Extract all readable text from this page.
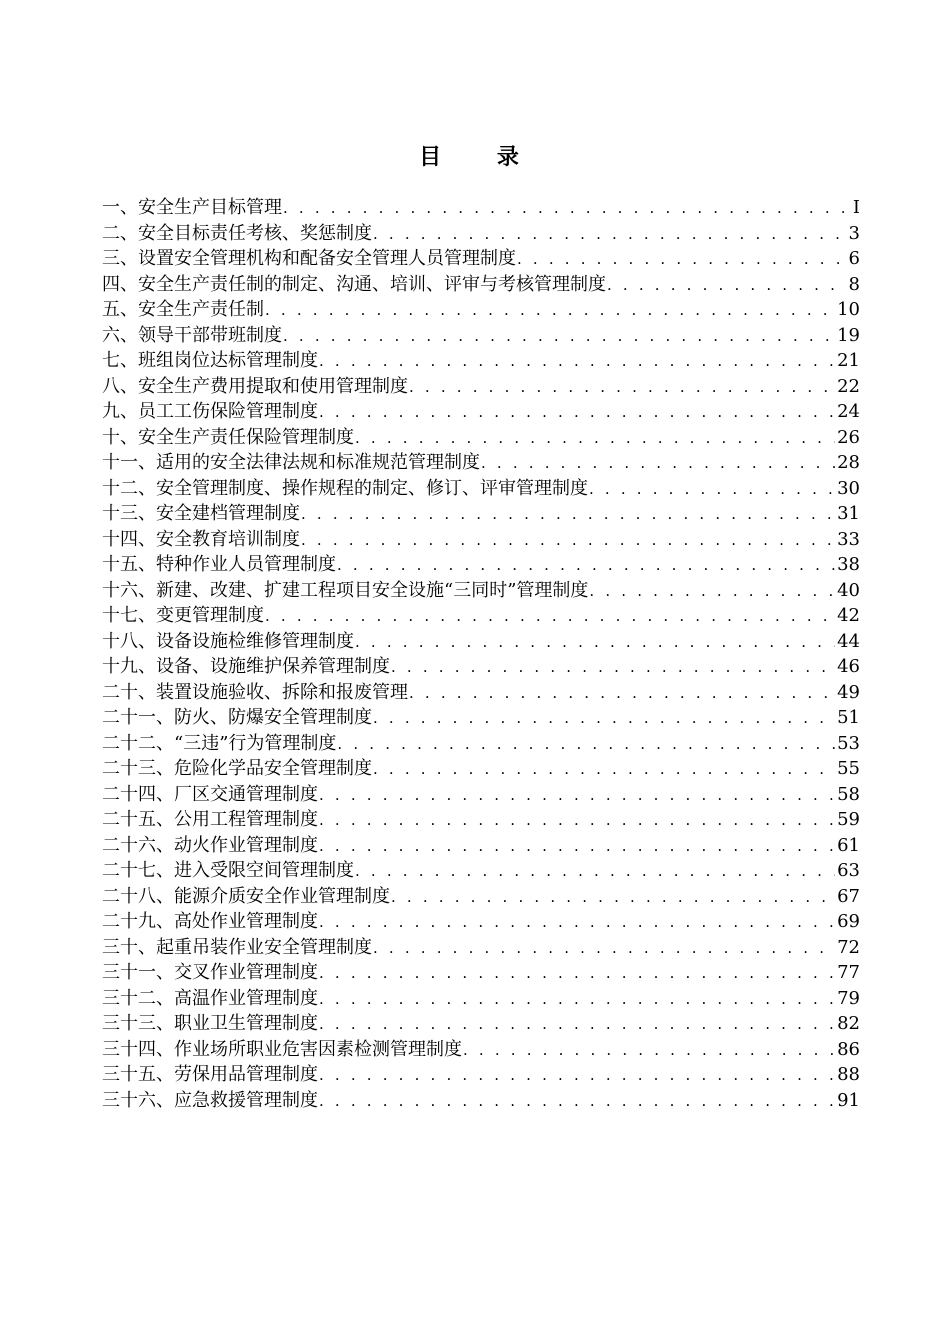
目 录
一、安全生产目标管理 . . .	I
二、安全目标责任考核、奖惩制度 . . .	3
三、设置安全管理机构和配备安全管理人员管理制度 . . .	6
四、安全生产责任制的制定、沟通、培训、评审与考核管理制度 . . .	8
五、安全生产责任制 . . .	10
六、领导干部带班制度 . . .	19
七、班组岗位达标管理制度 . . .	21
八、安全生产费用提取和使用管理制度 . . .	22
九、员工工伤保险管理制度 . . .	24
十、安全生产责任保险管理制度 . . .	26
十一、适用的安全法律法规和标准规范管理制度 . . .	28
十二、安全管理制度、操作规程的制定、修订、评审管理制度 . . .	30
十三、安全建档管理制度 . . .	31
十四、安全教育培训制度 . . .	33
十五、特种作业人员管理制度 . . .	38
十六、新建、改建、扩建工程项目安全设施“三同时”管理制度 . . .	40
十七、变更管理制度 . . .	42
十八、设备设施检维修管理制度 . . .	44
十九、设备、设施维护保养管理制度 . . .	46
二十、装置设施验收、拆除和报废管理 . . .	49
二十一、防火、防爆安全管理制度 . . .	51
二十二、“三违”行为管理制度 . . .	53
二十三、危险化学品安全管理制度 . . .	55
二十四、厂区交通管理制度 . . .	58
二十五、公用工程管理制度 . . .	59
二十六、动火作业管理制度 . . .	61
二十七、进入受限空间管理制度 . . .	63
二十八、能源介质安全作业管理制度 . . .	67
二十九、高处作业管理制度 . . .	69
三十、起重吊装作业安全管理制度 . . .	72
三十一、交叉作业管理制度 . . .	77
三十二、高温作业管理制度 . . .	79
三十三、职业卫生管理制度 . . .	82
三十四、作业场所职业危害因素检测管理制度 . . .	86
三十五、劳保用品管理制度 . . .	88
三十六、应急救援管理制度 . . .	91
